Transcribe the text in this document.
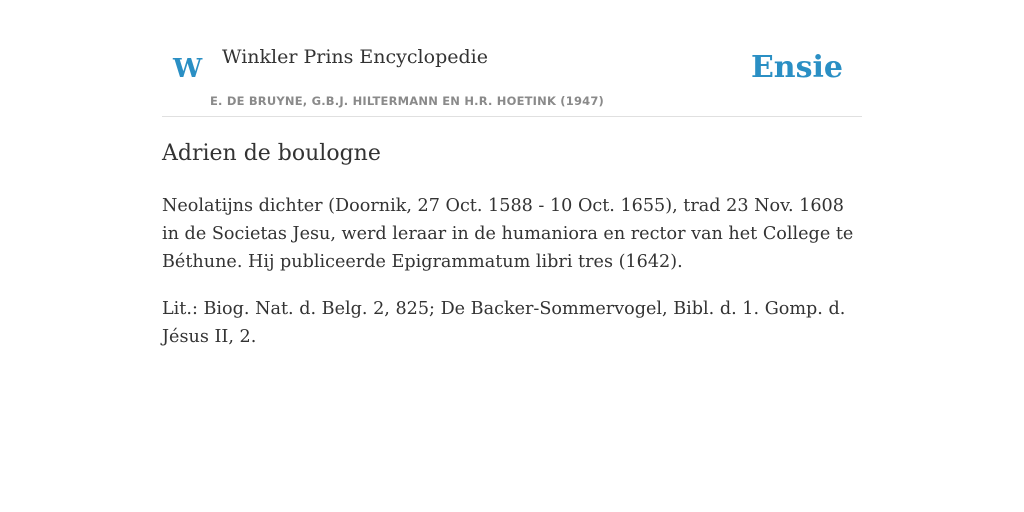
W Winkler Prins Encyclopedie
E. DE BRUYNE, G.B.J. HILTERMANN EN H.R. HOETINK (1947)
Ensie
Adrien de boulogne

Neolatijns dichter (Doornik, 27 Oct. 1588 - 10 Oct. 1655), trad 23 Nov. 1608 in de Societas Jesu, werd leraar in de humaniora en rector van het College te Béthune. Hij publiceerde Epigrammatum libri tres (1642).

Lit.: Biog. Nat. d. Belg. 2, 825; De Backer-Sommervogel, Bibl. d. 1. Gomp. d. Jésus II, 2.
